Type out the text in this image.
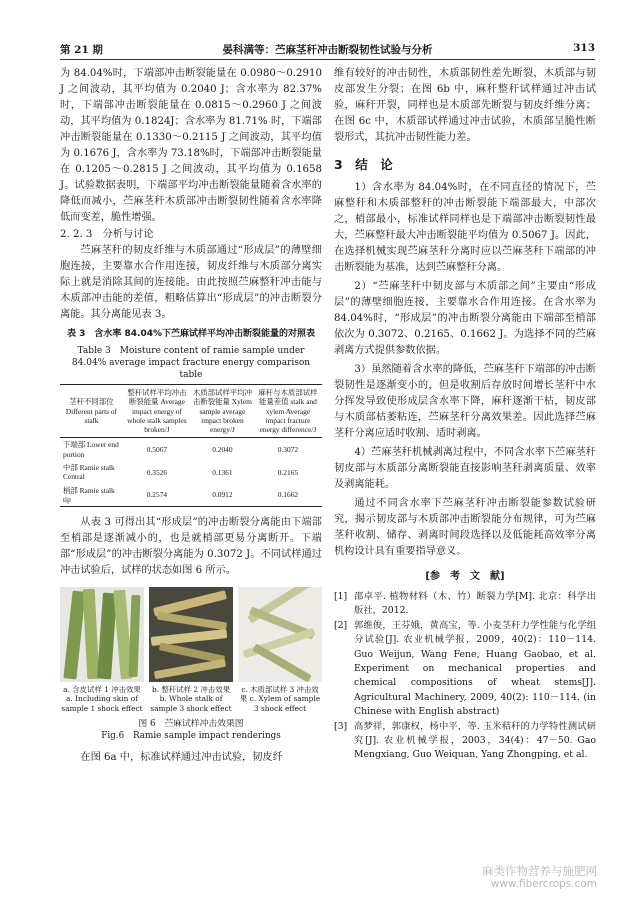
第 21 期	晏科满等：苎麻茎秆冲击断裂韧性试验与分析	313

为 84.04%时，下端部冲击断裂能量在 0.0980～0.2910 J 之间波动，其平均值为 0.2040 J；含水率为 82.37%时，下端部冲击断裂能量在 0.0815～0.2960 J 之间波动，其平均值为 0.1824J；含水率为 81.71% 时，下端部冲击断裂能量在 0.1330～0.2115 J 之间波动，其平均值为 0.1676 J，含水率为 73.18%时，下端部冲击断裂能量在 0.1205～0.2815 J 之间波动，其平均值为 0.1658 J。试验数据表明，下端部平均冲击断裂能量随着含水率的降低而减小，苎麻茎秆木质部冲击断裂韧性随着含水率降低而变差，脆性增强。

2. 2. 3　分析与讨论

苎麻茎秆的韧皮纤维与木质部通过“形成层”的薄壁细胞连接，主要靠水合作用连接，韧皮纤维与木质部分离实际上就是消除其间的连接能。由此按照苎麻整秆冲击能与木质部冲击能的差值，粗略估算出“形成层”的冲击断裂分离能。其分离能见表 3。

表 3　含水率 84.04%下苎麻试样平均冲击断裂能量的对照表
Table 3　Moisture content of ramie sample under 84.04% average impact fracture energy comparison table
茎秆不同部位 Different parts of stalk	整秆试样平均冲击断裂能量 Average impact energy of whole stalk samples broken/J	木质部试样平均冲击断裂能量 Xylem sample average impact broken energy/J	麻秆与木质部试样能量差值 stalk and xylem Average impact fracture energy difference/J
下端部 Lower end portion	0.5067	0.2040	0.3072
中部 Ramie stalk Central	0.3526	0.1361	0.2165
梢部 Ramie stalk tip	0.2574	0.0912	0.1662

从表 3 可得出其“形成层”的冲击断裂分离能由下端部至梢部是逐渐减小的，也是就梢部更易分离断开。下端部“形成层”的冲击断裂分离能为 0.3072 J。不同试样通过冲击试验后，试样的状态如图 6 所示。

a. 含皮试样 1 冲击效果 a. Including skin of sample 1 shock effect
b. 整秆试样 2 冲击效果 b. Whole stalk of sample 3 shock effect
c. 木质部试样 3 冲击效果 c. Xylem of sample 3 shock effect
图 6　苎麻试样冲击效果图
Fig.6　Ramie sample impact renderings

在图 6a 中，标准试样通过冲击试验，韧皮纤

维有较好的冲击韧性，木质部韧性差先断裂，木质部与韧皮部发生分裂；在图 6b 中，麻秆整秆试样通过冲击试验，麻秆开裂，同样也是木质部先断裂与韧皮纤维分离；在图 6c 中，木质部试样通过冲击试验，木质部呈脆性断裂形式，其抗冲击韧性能力差。

3　结　论

1）含水率为 84.04%时，在不同直径的情况下，苎麻整秆和木质部整秆的冲击断裂能下端部最大，中部次之，梢部最小，标准试样同样也是下端部冲击断裂韧性最大，苎麻整秆最大冲击断裂能平均值为 0.5067 J。因此，在选择机械实现苎麻茎秆分离时应以苎麻茎秆下端部的冲击断裂能为基准，达到苎麻整秆分离。

2）“苎麻茎秆中韧皮部与木质部之间”主要由“形成层”的薄壁细胞连接，主要靠水合作用连接。在含水率为 84.04%时，“形成层”的冲击断裂分离能由下端部至梢部依次为 0.3072、0.2165、0.1662 J。为选择不同的苎麻剥离方式提供参数依据。

3）虽然随着含水率的降低，苎麻茎秆下端部的冲击断裂韧性是逐渐变小的，但是收割后存放时间增长茎秆中水分挥发导致使形成层含水率下降，麻秆逐渐干枯，韧皮部与木质部枯萎粘连，苎麻茎秆分离效果差。因此选择苎麻茎秆分离应适时收割、适时剥离。

4）苎麻茎秆机械剥离过程中，不同含水率下苎麻茎秆韧皮部与木质部分离断裂能直接影响茎秆剥离质量、效率及剥离能耗。

通过不同含水率下苎麻茎秆冲击断裂能参数试验研究，揭示韧皮部与木质部冲击断裂能分布规律，可为苎麻茎秆收割、储存、剥离时间段选择以及低能耗高效率分离机构设计具有重要指导意义。

[参　考　文　献]
[1] 邵卓平. 植物材料（木、竹）断裂力学[M]. 北京：科学出版社，2012.
[2] 郭维俊，王芬娥，黄高宝，等. 小麦茎秆力学性能与化学组分试验[J]. 农业机械学报，2009，40(2)：110－114. Guo Weijun, Wang Fene, Huang Gaobao, et al. Experiment on mechanical properties and chemical compositions of wheat stems[J]. Agricultural Machinery, 2009, 40(2): 110－114. (in Chinese with English abstract)
[3] 高梦祥，郭康权，杨中平，等. 玉米秸秆的力学特性测试研究[J]. 农业机械学报，2003，34(4)：47－50. Gao Mengxiang, Guo Weiquan, Yang Zhongping, et al.
麻类作物营养与施肥网
www.fibercrops.com
